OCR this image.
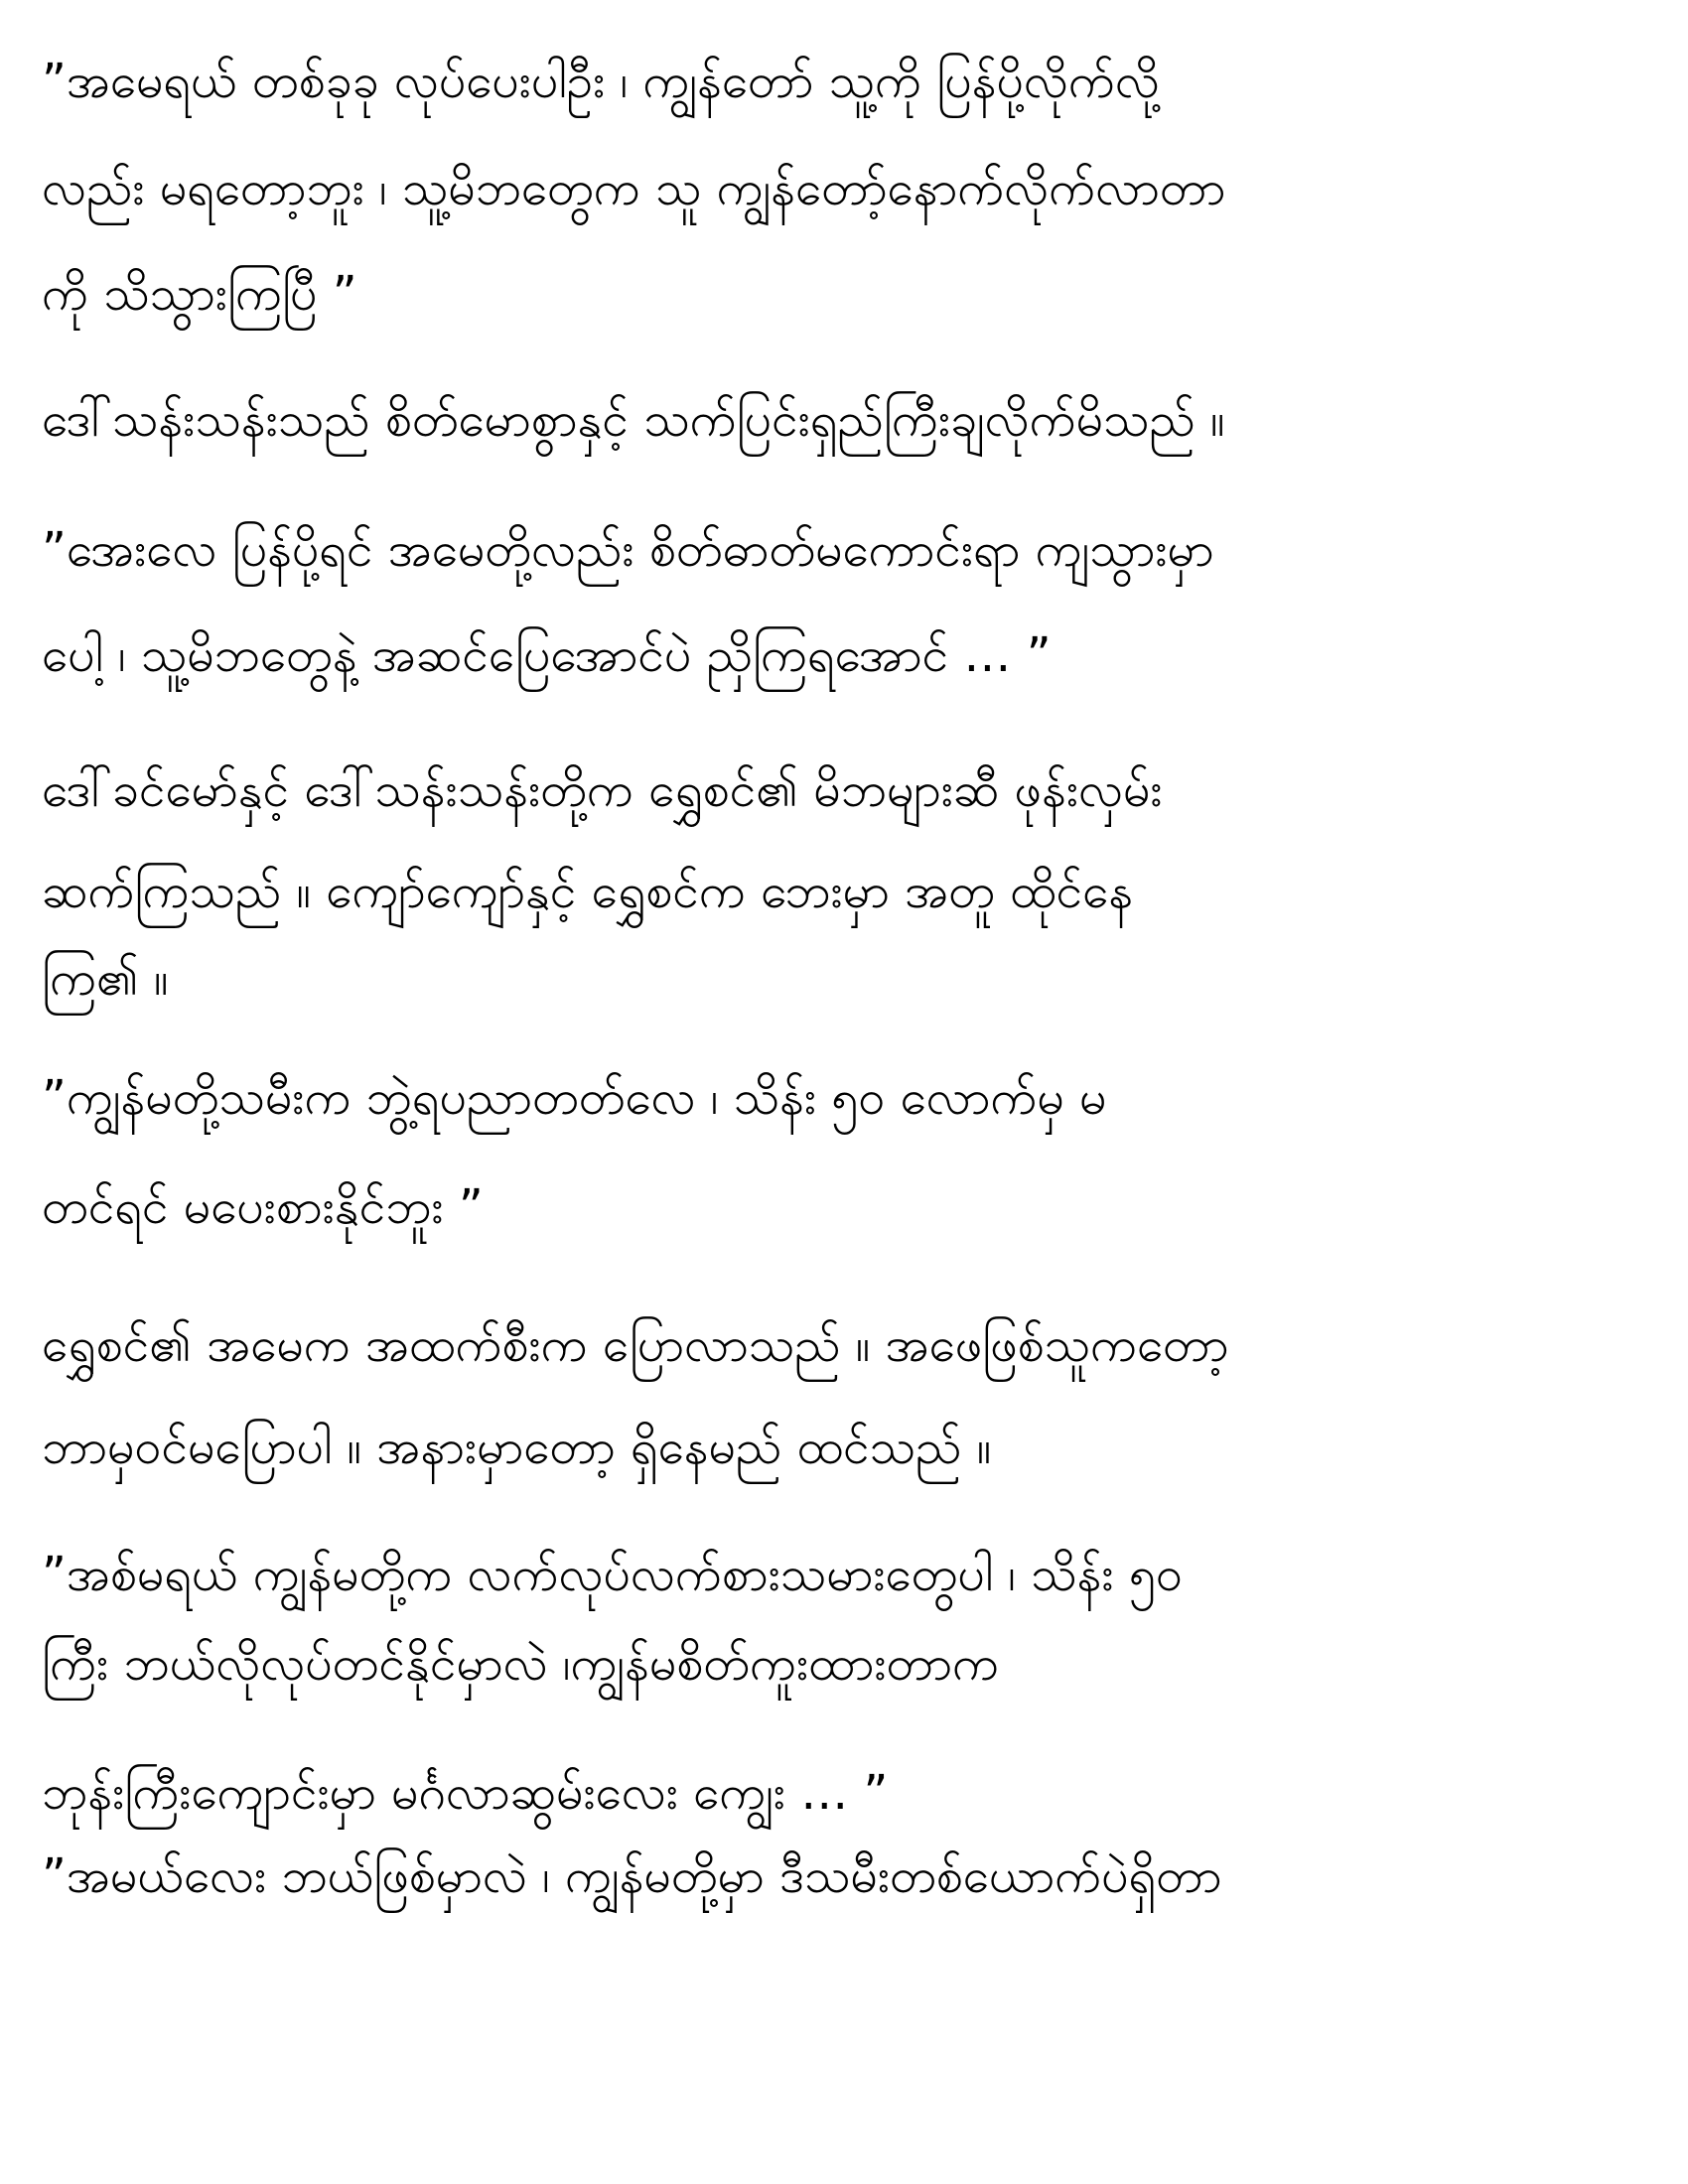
”အမေရယ် တစ်ခုခု လုပ်ပေးပါဦး ၊ ကျွန်တော် သူ့ကို ပြန်ပို့လိုက်လို့
လည်း မရတော့ဘူး ၊ သူ့မိဘတွေက သူ ကျွန်တော့်နောက်လိုက်လာတာ
ကို သိသွားကြပြီ ”
ဒေါ်သန်းသန်းသည် စိတ်မောစွာနှင့် သက်ပြင်းရှည်ကြီးချလိုက်မိသည် ။
”အေးလေ ပြန်ပို့ရင် အမေတို့လည်း စိတ်ဓာတ်မကောင်းရာ ကျသွားမှာ
ပေါ့ ၊ သူ့မိဘတွေနဲ့ အဆင်ပြေအောင်ပဲ ညှိကြရအောင် … ”
ဒေါ်ခင်မော်နှင့် ဒေါ်သန်းသန်းတို့က ရွှေစင်၏ မိဘများဆီ ဖုန်းလှမ်း
ဆက်ကြသည် ။ ကျော်ကျော်နှင့် ရွှေစင်က ဘေးမှာ အတူ ထိုင်နေ
ကြ၏ ။
”ကျွန်မတို့သမီးက ဘွဲ့ရပညာတတ်လေ ၊ သိန်း ၅၀ လောက်မှ မ
တင်ရင် မပေးစားနိုင်ဘူး ”
ရွှေစင်၏ အမေက အထက်စီးက ပြောလာသည် ။ အဖေဖြစ်သူကတော့
ဘာမှဝင်မပြောပါ ။ အနားမှာတော့ ရှိနေမည် ထင်သည် ။
”အစ်မရယ် ကျွန်မတို့က လက်လုပ်လက်စားသမားတွေပါ ၊ သိန်း ၅၀
ကြီး ဘယ်လိုလုပ်တင်နိုင်မှာလဲ ၊ကျွန်မစိတ်ကူးထားတာက
ဘုန်းကြီးကျောင်းမှာ မင်္ဂလာဆွမ်းလေး ကျွေး … ”
”အမယ်လေး ဘယ်ဖြစ်မှာလဲ ၊ ကျွန်မတို့မှာ ဒီသမီးတစ်ယောက်ပဲရှိတာ
